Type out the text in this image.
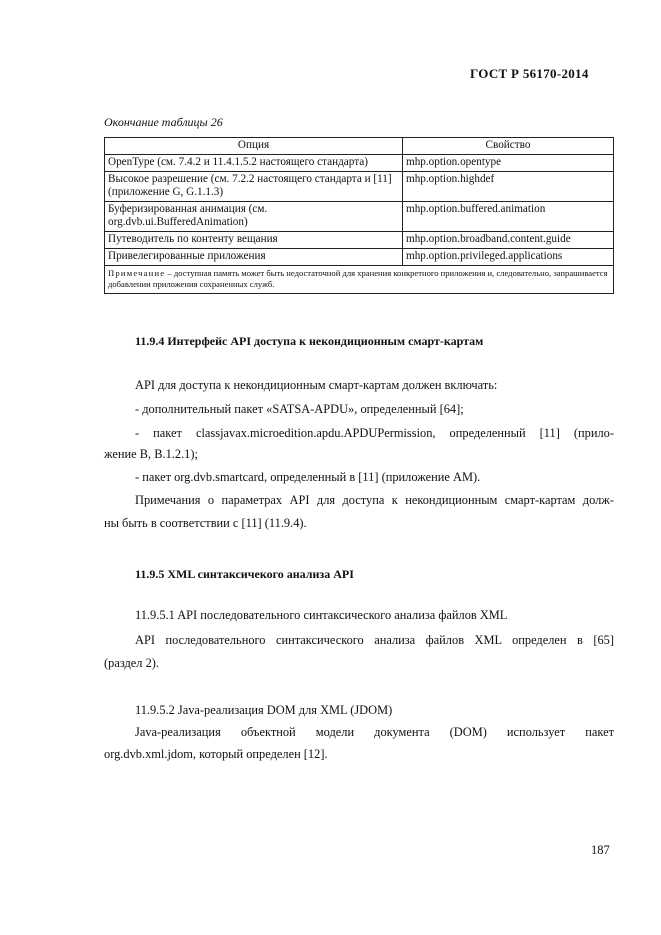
ГОСТ Р 56170-2014
Окончание таблицы 26
Опция	Свойство
OpenType (см. 7.4.2 и 11.4.1.5.2 настоящего стандарта)	mhp.option.opentype
Высокое разрешение (см. 7.2.2 настоящего стандарта и [11] (приложение G, G.1.1.3)	mhp.option.highdef
Буферизированная анимация (см. org.dvb.ui.BufferedAnimation)	mhp.option.buffered.animation
Путеводитель по контенту вещания	mhp.option.broadband.content.guide
Привелегированные приложения	mhp.option.privileged.applications
Примечание – доступная память может быть недостаточной для хранения конкретного приложения и, следовательно, запрашивается добавлении приложения сохраненных служб.	
11.9.4 Интерфейс API доступа к некондиционным смарт-картам
API для доступа к некондиционным смарт-картам должен включать:
- дополнительный пакет «SATSA-APDU», определенный [64];
- пакет classjavax.microedition.apdu.APDUPermission, определенный [11] (прило-
жение В, В.1.2.1);
- пакет org.dvb.smartcard, определенный в [11] (приложение AM).
Примечания о параметрах API для доступа к некондиционным смарт-картам долж-
ны быть в соответствии с [11] (11.9.4).
11.9.5 XML синтаксичекого анализа API
11.9.5.1 API последовательного синтаксического анализа файлов XML
API последовательного синтаксического анализа файлов XML определен в [65]
(раздел 2).
11.9.5.2 Java-реализация DOM для XML (JDOM)
Java-реализация объектной модели документа (DOM) использует пакет
org.dvb.xml.jdom, который определен [12].
187
